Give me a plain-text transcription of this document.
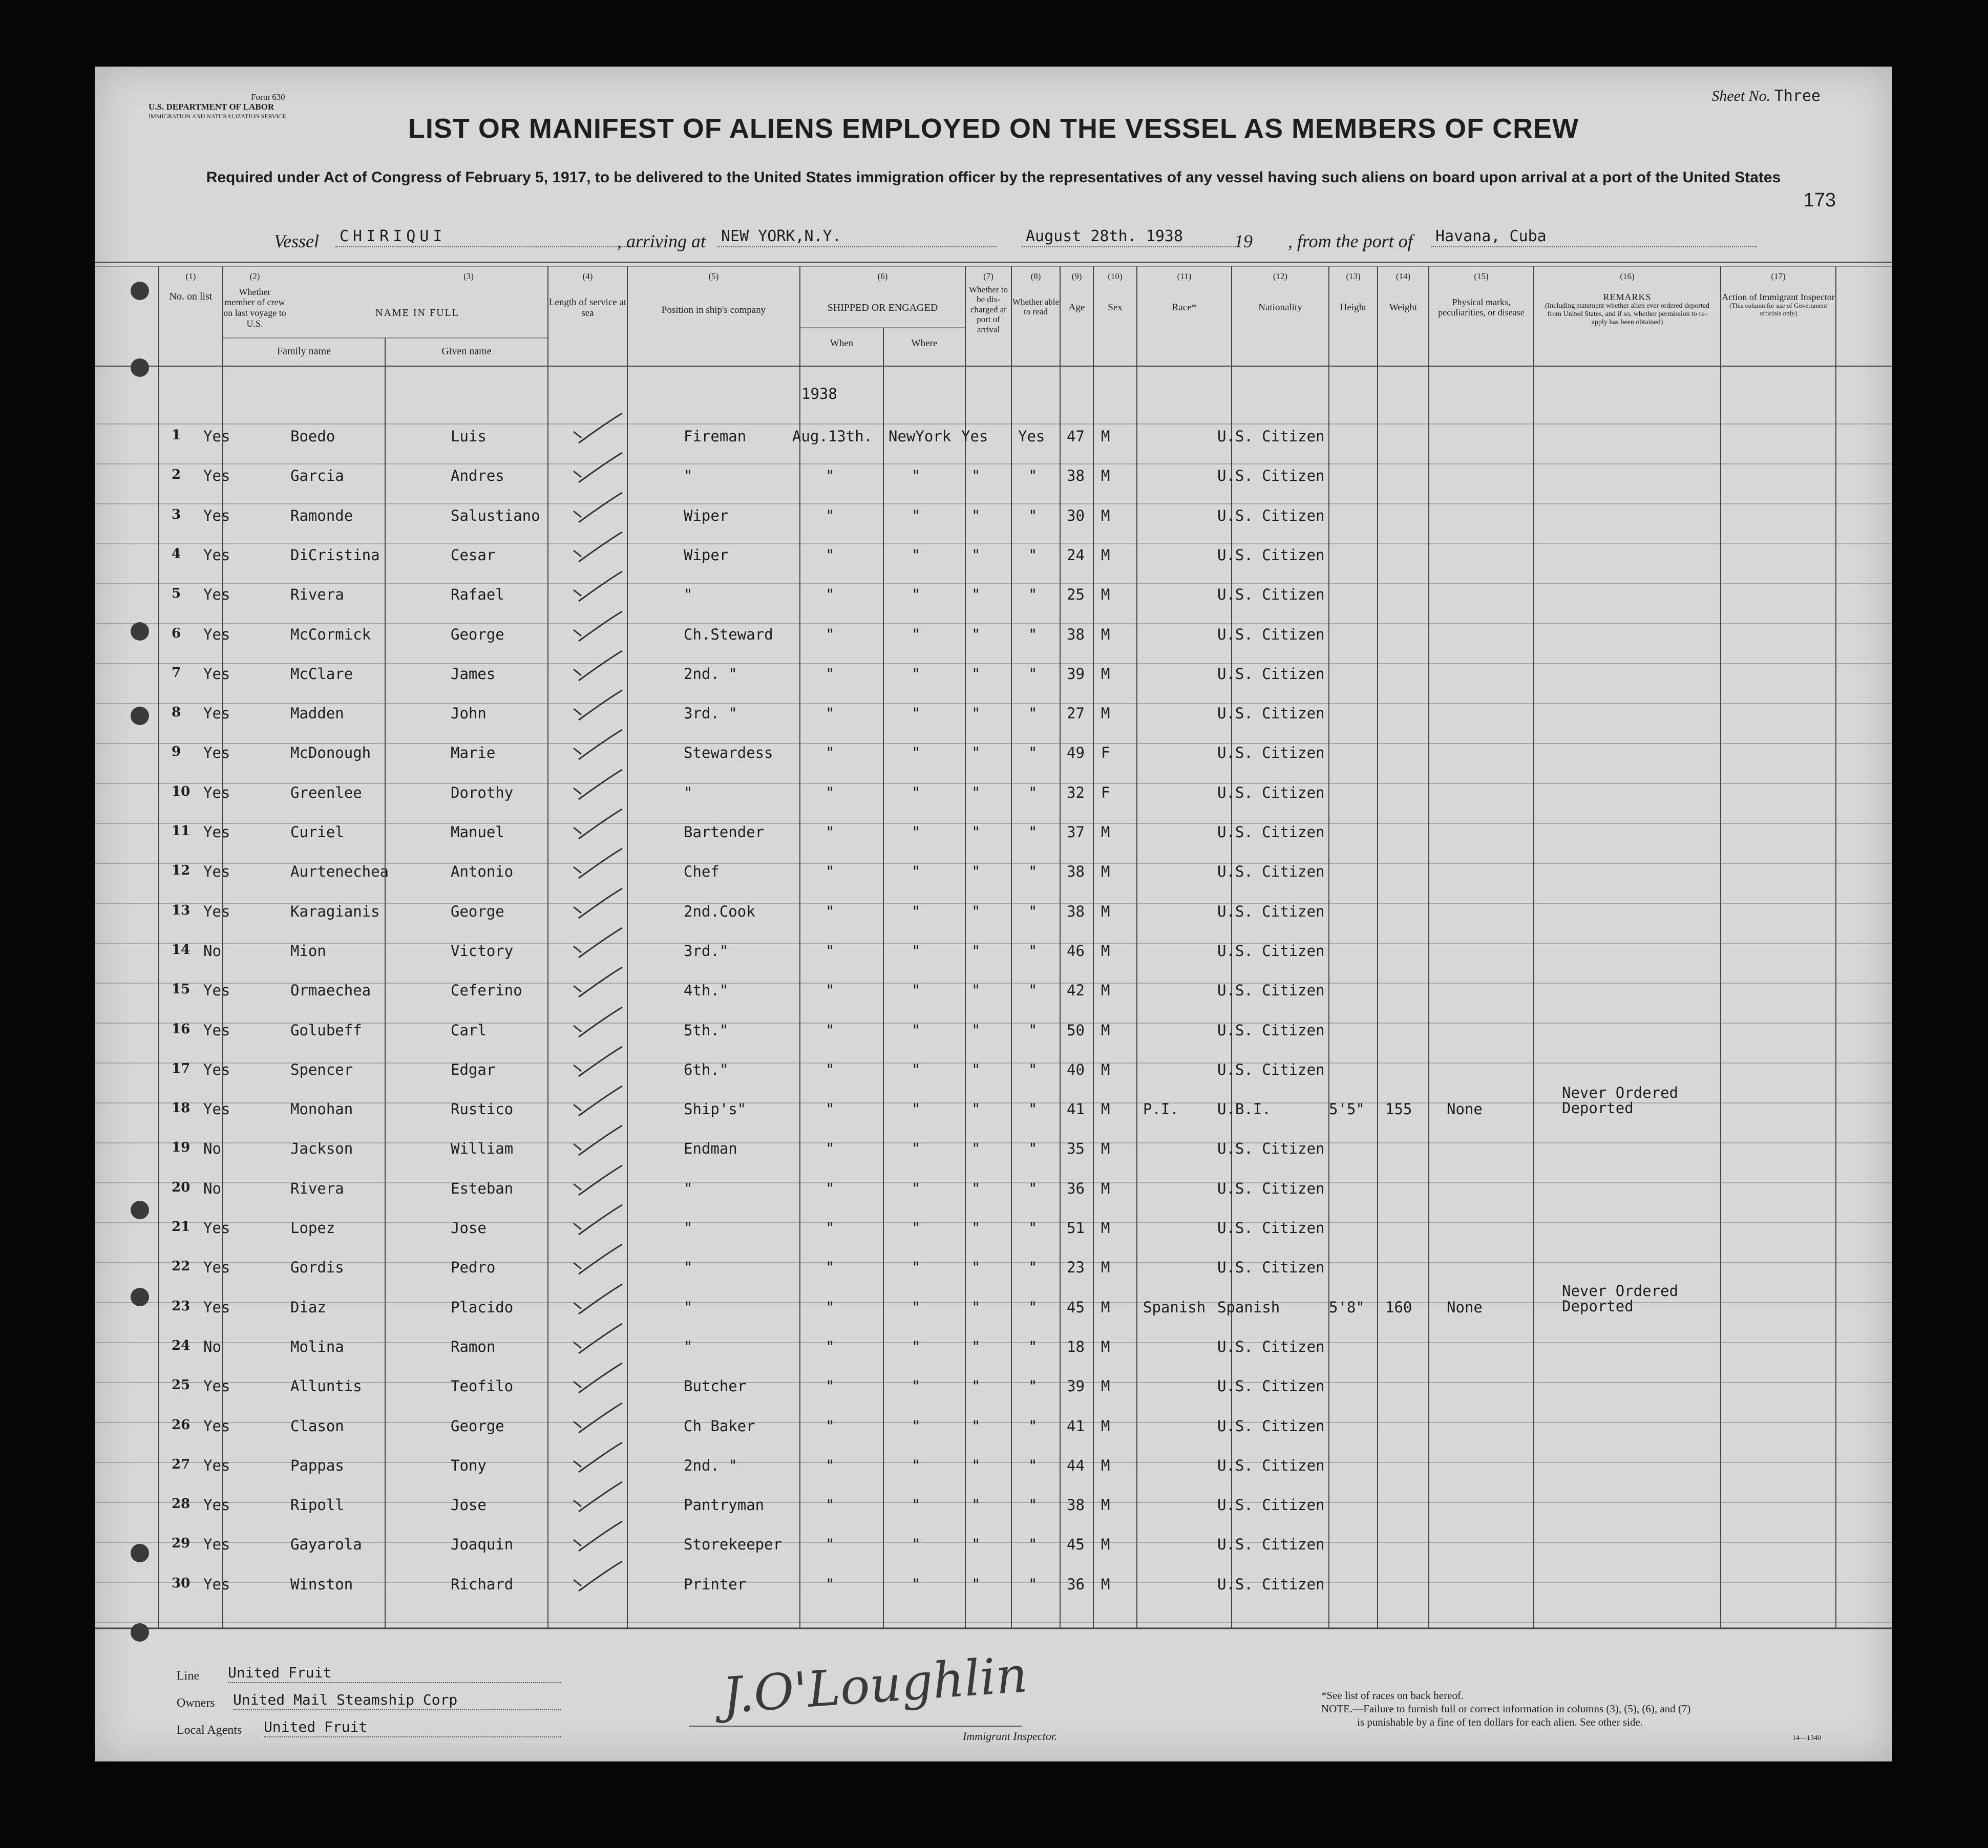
Form 630
U.S. DEPARTMENT OF LABOR
IMMIGRATION AND NATURALIZATION SERVICE
Sheet No. Three
LIST OR MANIFEST OF ALIENS EMPLOYED ON THE VESSEL AS MEMBERS OF CREW
Required under Act of Congress of February 5, 1917, to be delivered to the United States immigration officer by the representatives of any vessel having such aliens on board upon arrival at a port of the United States
173
Vessel CHIRIQUI	, arriving at NEW YORK,N.Y.	August 28th. 1938	19 , from the port of Havana, Cuba
(1)
No. on list
(2)
Whether member of crew on last voyage to U.S.
(3)
NAME IN FULL
Family name	Given name
(4)
Length of service at sea
(5)
Position in ship's company
(6)
SHIPPED OR ENGAGED
When	Where
(7)
Whether to be dis-charged at port of arrival
(8)
Whether able to read
(9)
Age
(10)
Sex
(11)
Race*
(12)
Nationality
(13)
Height
(14)
Weight
(15)
Physical marks, peculiarities, or disease
(16)
REMARKS
(Including statement whether alien ever ordered deported from United States, and if so, whether permission to re-apply has been obtained)
(17)
Action of Immigrant Inspector
(This column for use of Government officials only)
1938
1 Yes	Boedo	Luis	Fireman	Aug.13th. NewYork Yes Yes 47 M	U.S. Citizen
2 Yes	Garcia	Andres	"	"	"	"	" 38 M	U.S. Citizen
3 Yes	Ramonde	Salustiano	Wiper	"	"	"	" 30 M	U.S. Citizen
4 Yes	DiCristina	Cesar	Wiper	"	"	"	" 24 M	U.S. Citizen
5 Yes	Rivera	Rafael	"	"	"	"	" 25 M	U.S. Citizen
6 Yes	McCormick	George	Ch.Steward	"	"	"	" 38 M	U.S. Citizen
7 Yes	McClare	James	2nd. "	"	"	"	" 39 M	U.S. Citizen
8 Yes	Madden	John	3rd. "	"	"	"	" 27 M	U.S. Citizen
9 Yes	McDonough	Marie	Stewardess	"	"	"	" 49 F	U.S. Citizen
10 Yes	Greenlee	Dorothy	"	"	"	"	" 32 F	U.S. Citizen
11 Yes	Curiel	Manuel	Bartender	"	"	"	" 37 M	U.S. Citizen
12 Yes	Aurtenechea	Antonio	Chef	"	"	"	" 38 M	U.S. Citizen
13 Yes	Karagianis	George	2nd.Cook	"	"	"	" 38 M	U.S. Citizen
14 No	Mion	Victory	3rd."	"	"	"	" 46 M	U.S. Citizen
15 Yes	Ormaechea	Ceferino	4th."	"	"	"	" 42 M	U.S. Citizen
16 Yes	Golubeff	Carl	5th."	"	"	"	" 50 M	U.S. Citizen
17 Yes	Spencer	Edgar	6th."	"	"	"	" 40 M	U.S. Citizen
18 Yes	Monohan	Rustico	Ship's"	"	"	"	" 41 M P.I.	U.B.I.	5'5" 155 None
Never Ordered
Deported
19 No	Jackson	William	Endman	"	"	"	" 35 M	U.S. Citizen
20 No	Rivera	Esteban	"	"	"	"	" 36 M	U.S. Citizen
21 Yes	Lopez	Jose	"	"	"	"	" 51 M	U.S. Citizen
22 Yes	Gordis	Pedro	"	"	"	"	" 23 M	U.S. Citizen
23 Yes	Diaz	Placido	"	"	"	"	" 45 M Spanish Spanish	5'8" 160 None
Never Ordered
Deported
24 No	Molina	Ramon	"	"	"	"	" 18 M	U.S. Citizen
25 Yes	Alluntis	Teofilo	Butcher	"	"	"	" 39 M	U.S. Citizen
26 Yes	Clason	George	Ch Baker	"	"	"	" 41 M	U.S. Citizen
27 Yes	Pappas	Tony	2nd. "	"	"	"	" 44 M	U.S. Citizen
28 Yes	Ripoll	Jose	Pantryman	"	"	"	" 38 M	U.S. Citizen
29 Yes	Gayarola	Joaquin	Storekeeper	"	"	"	" 45 M	U.S. Citizen
30 Yes	Winston	Richard	Printer	"	"	"	" 36 M	U.S. Citizen
Line United Fruit
Owners United Mail Steamship Corp
Local Agents United Fruit
J.O'Loughlin
Immigrant Inspector.
*See list of races on back hereof.
NOTE.—Failure to furnish full or correct information in columns (3), (5), (6), and (7)
is punishable by a fine of ten dollars for each alien. See other side.
14—1340
